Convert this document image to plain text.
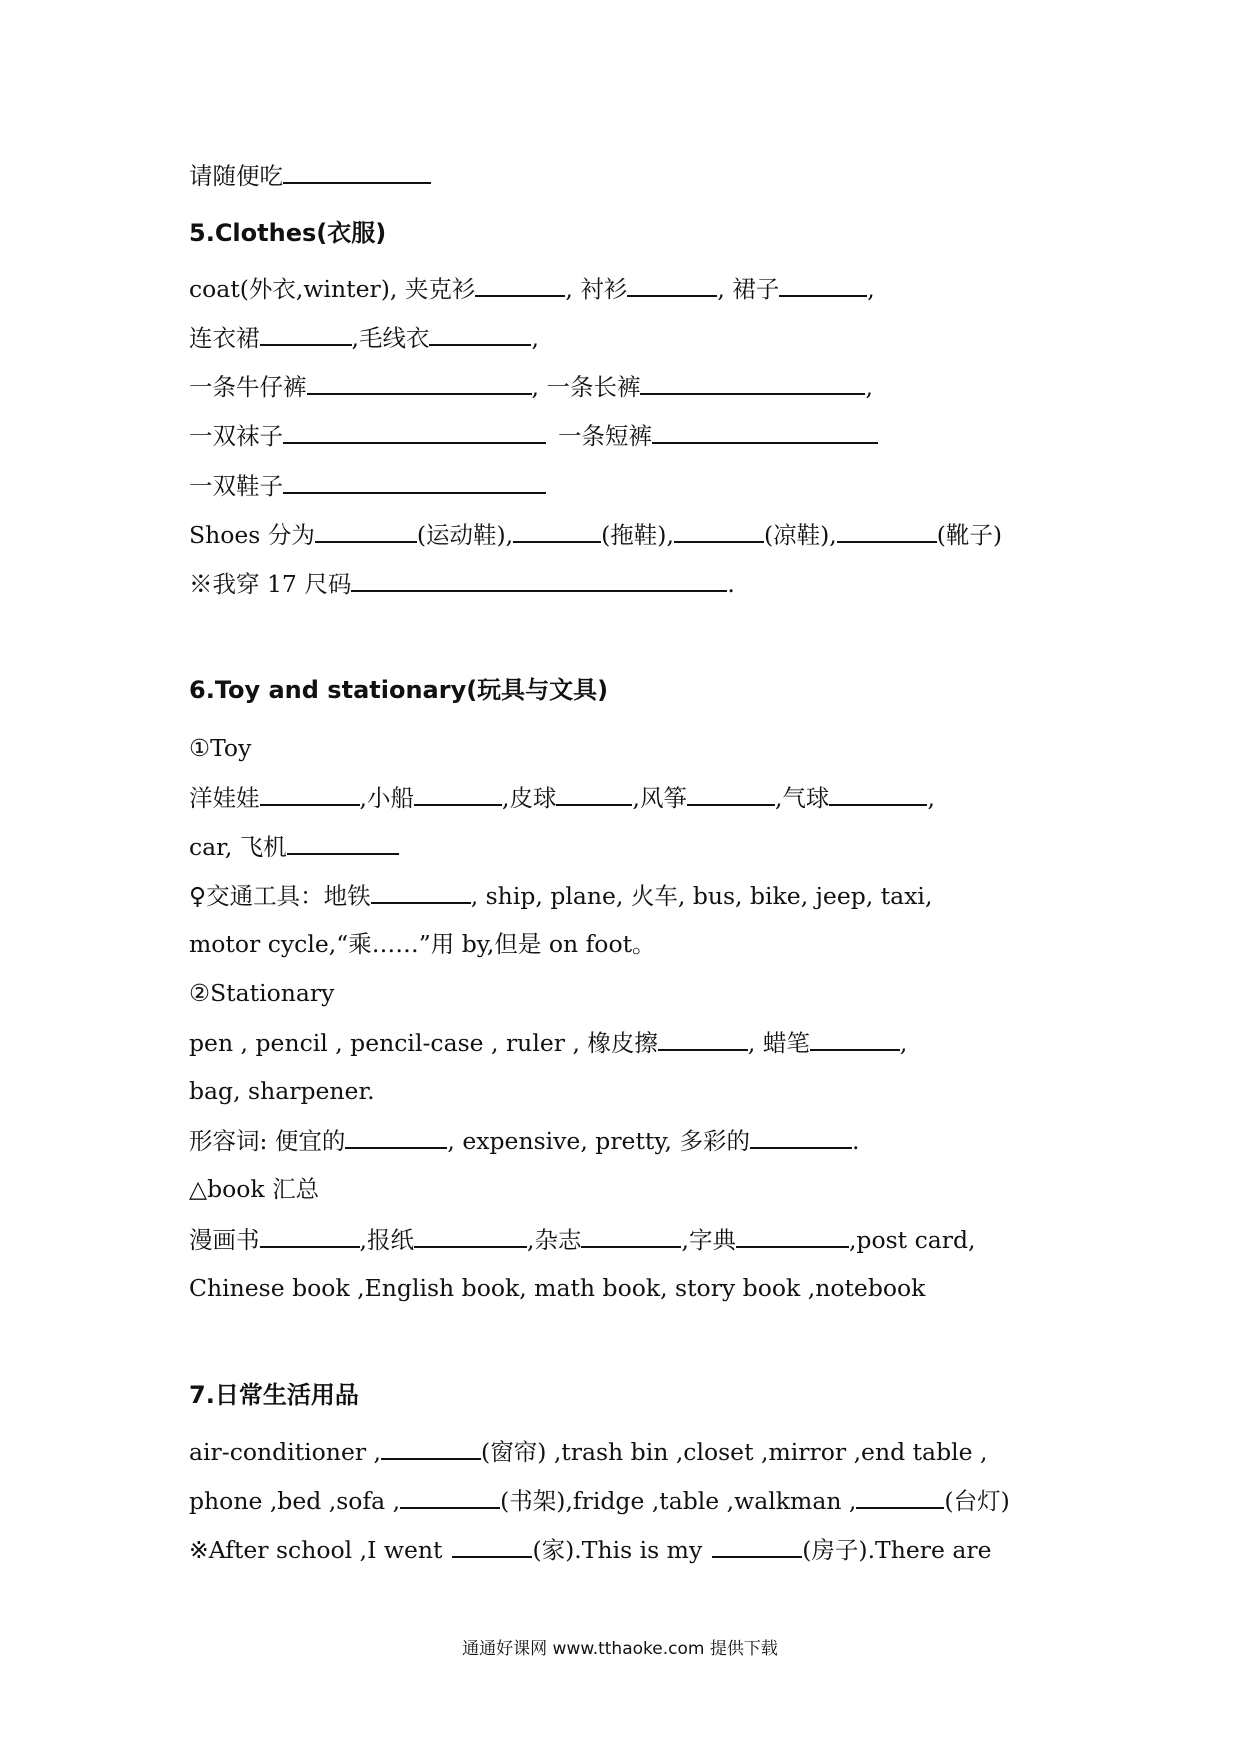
请随便吃
5.Clothes(衣服)
coat(外衣,winter), 夹克衫	, 衬衫	, 裙子	,
连衣裙	,毛线衣	,
一条牛仔裤	, 一条长裤	,
一双袜子	一条短裤
一双鞋子
Shoes 分为	(运动鞋),	(拖鞋),	(凉鞋),	(靴子)
※我穿 17 尺码	.
6.Toy and stationary(玩具与文具)
①Toy
洋娃娃	,小船	,皮球	,风筝	,气球	,
car, 飞机
♀交通工具：地铁	, ship, plane, 火车, bus, bike, jeep, taxi,
motor cycle,“乘……”用 by,但是 on foot。
②Stationary
pen , pencil , pencil-case , ruler , 橡皮擦	, 蜡笔	,
bag, sharpener.
形容词: 便宜的	, expensive, pretty, 多彩的	.
△book 汇总
漫画书	,报纸	,杂志	,字典	,post card,
Chinese book ,English book, math book, story book ,notebook
7.日常生活用品
air-conditioner ,	(窗帘) ,trash bin ,closet ,mirror ,end table ,
phone ,bed ,sofa ,	(书架),fridge ,table ,walkman ,	(台灯)
※After school ,I went	(家).This is my	(房子).There are
通通好课网 www.tthaoke.com 提供下载
